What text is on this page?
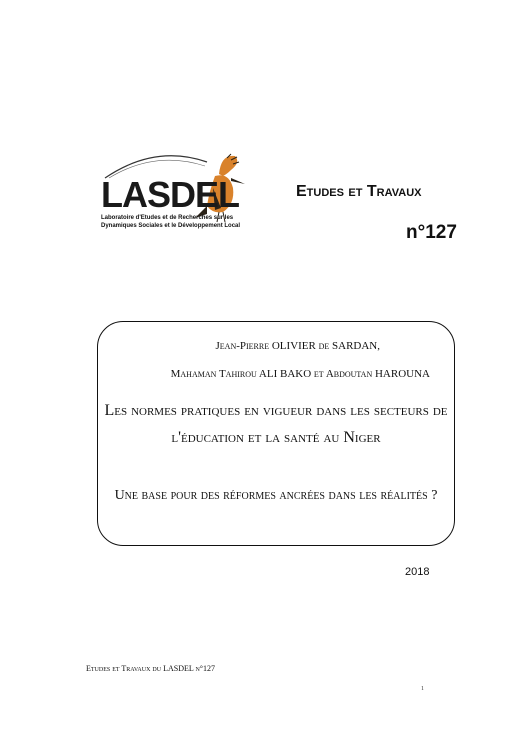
LASDEL
Laboratoire d'Etudes et de Recherches sur les Dynamiques Sociales et le Développement Local
Etudes et Travaux
n°127
Jean-Pierre OLIVIER de SARDAN,
Mahaman Tahirou ALI BAKO et Abdoutan HAROUNA
Les normes pratiques en vigueur dans les secteurs de l'éducation et la santé au Niger
Une base pour des réformes ancrées dans les réalités ?
2018
Etudes et Travaux du LASDEL n°127
1
